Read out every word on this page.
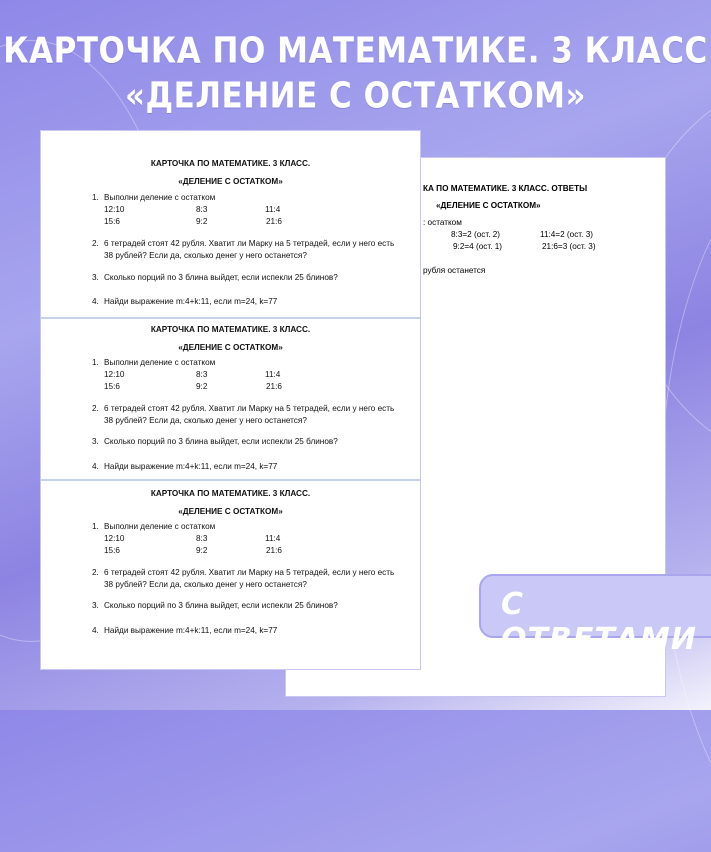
КАРТОЧКА ПО МАТЕМАТИКЕ. 3 КЛАСС
«ДЕЛЕНИЕ С ОСТАТКОМ»
КА ПО МАТЕМАТИКЕ. 3 КЛАСС. ОТВЕТЫ
«ДЕЛЕНИЕ С ОСТАТКОМ»
: остатком
8:3=2 (ост. 2)	11:4=2 (ост. 3)
9:2=4 (ост. 1)	21:6=3 (ост. 3)
рубля останется
КАРТОЧКА ПО МАТЕМАТИКЕ. 3 КЛАСС.
«ДЕЛЕНИЕ С ОСТАТКОМ»
1. Выполни деление с остатком
12:10	8:3	11:4
15:6	9:2	21:6
2. 6 тетрадей стоят 42 рубля. Хватит ли Марку на 5 тетрадей, если у него есть
38 рублей? Если да, сколько денег у него останется?
3. Сколько порций по 3 блина выйдет, если испекли 25 блинов?
4. Найди выражение m:4+k:11, если m=24, k=77
КАРТОЧКА ПО МАТЕМАТИКЕ. 3 КЛАСС.
«ДЕЛЕНИЕ С ОСТАТКОМ»
1. Выполни деление с остатком
12:10	8:3	11:4
15:6	9:2	21:6
2. 6 тетрадей стоят 42 рубля. Хватит ли Марку на 5 тетрадей, если у него есть
38 рублей? Если да, сколько денег у него останется?
3. Сколько порций по 3 блина выйдет, если испекли 25 блинов?
4. Найди выражение m:4+k:11, если m=24, k=77
КАРТОЧКА ПО МАТЕМАТИКЕ. 3 КЛАСС.
«ДЕЛЕНИЕ С ОСТАТКОМ»
1. Выполни деление с остатком
12:10	8:3	11:4
15:6	9:2	21:6
2. 6 тетрадей стоят 42 рубля. Хватит ли Марку на 5 тетрадей, если у него есть
38 рублей? Если да, сколько денег у него останется?
3. Сколько порций по 3 блина выйдет, если испекли 25 блинов?
4. Найди выражение m:4+k:11, если m=24, k=77
С ОТВЕТАМИ
